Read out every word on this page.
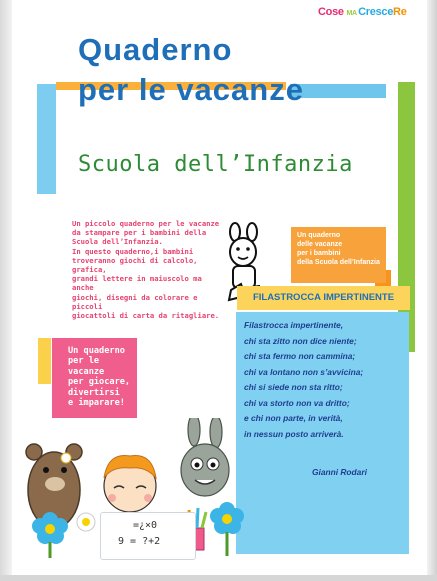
Cose MA CresceRe
Quaderno
per le vacanze
Scuola dell’Infanzia
Un piccolo quaderno per le vacanze
da stampare per i bambini della
Scuola dell’Infanzia.
In questo quaderno,i bambini
troveranno giochi di calcolo, grafica,
grandi lettere in maiuscolo ma anche
giochi, disegni da colorare e piccoli
giocattoli di carta da ritagliare.
Un quaderno
delle vacanze
per i bambini
della Scuola dell’Infanzia
FILASTROCCA IMPERTINENTE
Filastrocca impertinente,
chi sta zitto non dice niente;
chi sta fermo non cammina;
chi va lontano non s’avvicina;
chi si siede non sta ritto;
chi va storto non va dritto;
e chi non parte, in verità,
in nessun posto arriverà.
Gianni Rodari
Un quaderno
per le vacanze
per giocare,
divertirsi
e imparare!
=¿×0
9 = ?+2
